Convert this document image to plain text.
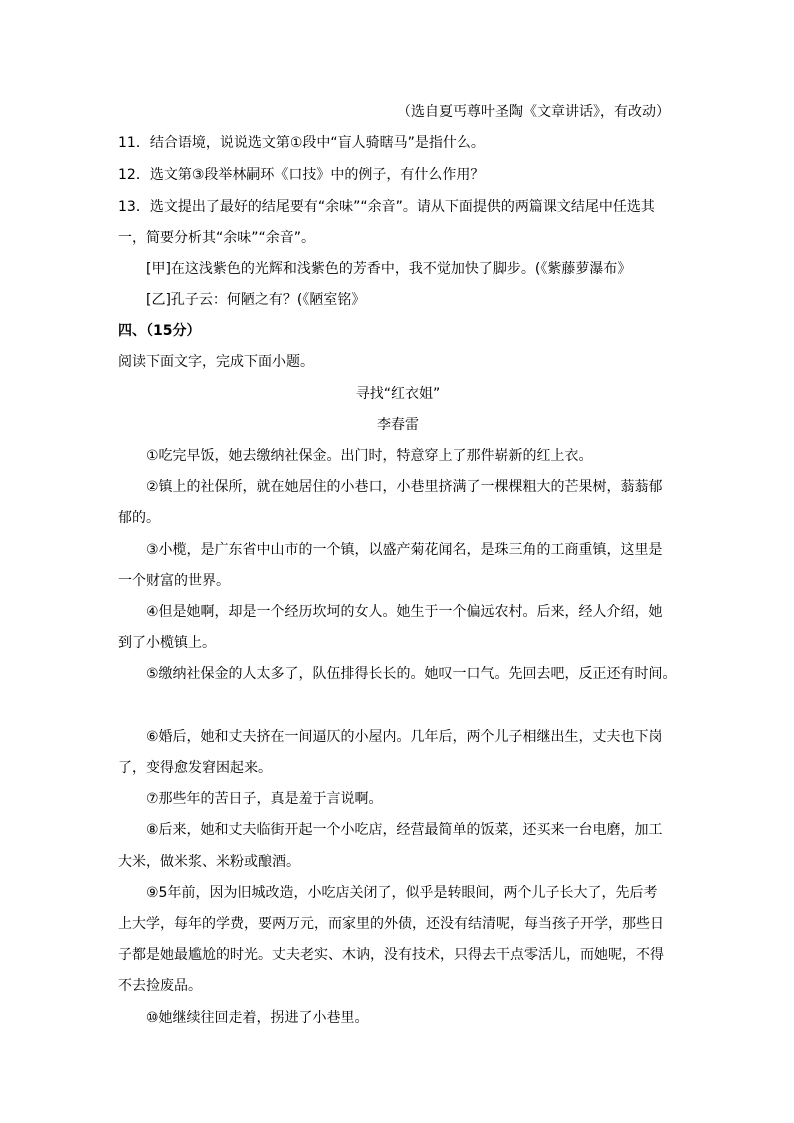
（选自夏丐尊叶圣陶《文章讲话》，有改动）
11．结合语境，说说选文第①段中“盲人骑瞎马”是指什么。
12．选文第③段举林嗣环《口技》中的例子，有什么作用？
13．选文提出了最好的结尾要有“余味”“余音”。请从下面提供的两篇课文结尾中任选其
一，简要分析其“余味”“余音”。
[甲]在这浅紫色的光辉和浅紫色的芳香中，我不觉加快了脚步。(《紫藤萝瀑布》
[乙]孔子云：何陋之有？(《陋室铭》
四、（15分）
阅读下面文字，完成下面小题。
寻找“红衣姐”
李春雷
①吃完早饭，她去缴纳社保金。出门时，特意穿上了那件崭新的红上衣。
②镇上的社保所，就在她居住的小巷口，小巷里挤满了一棵棵粗大的芒果树，蓊蓊郁
郁的。
③小榄，是广东省中山市的一个镇，以盛产菊花闻名，是珠三角的工商重镇，这里是
一个财富的世界。
④但是她啊，却是一个经历坎坷的女人。她生于一个偏远农村。后来，经人介绍，她
到了小榄镇上。
⑤缴纳社保金的人太多了，队伍排得长长的。她叹一口气。先回去吧，反正还有时间。
⑥婚后，她和丈夫挤在一间逼仄的小屋内。几年后，两个儿子相继出生，丈夫也下岗
了，变得愈发窘困起来。
⑦那些年的苦日子，真是羞于言说啊。
⑧后来，她和丈夫临街开起一个小吃店，经营最简单的饭菜，还买来一台电磨，加工
大米，做米浆、米粉或酿酒。
⑨5年前，因为旧城改造，小吃店关闭了，似乎是转眼间，两个儿子长大了，先后考
上大学，每年的学费，要两万元，而家里的外债，还没有结清呢，每当孩子开学，那些日
子都是她最尴尬的时光。丈夫老实、木讷，没有技术，只得去干点零活儿，而她呢，不得
不去捡废品。
⑩她继续往回走着，拐进了小巷里。
